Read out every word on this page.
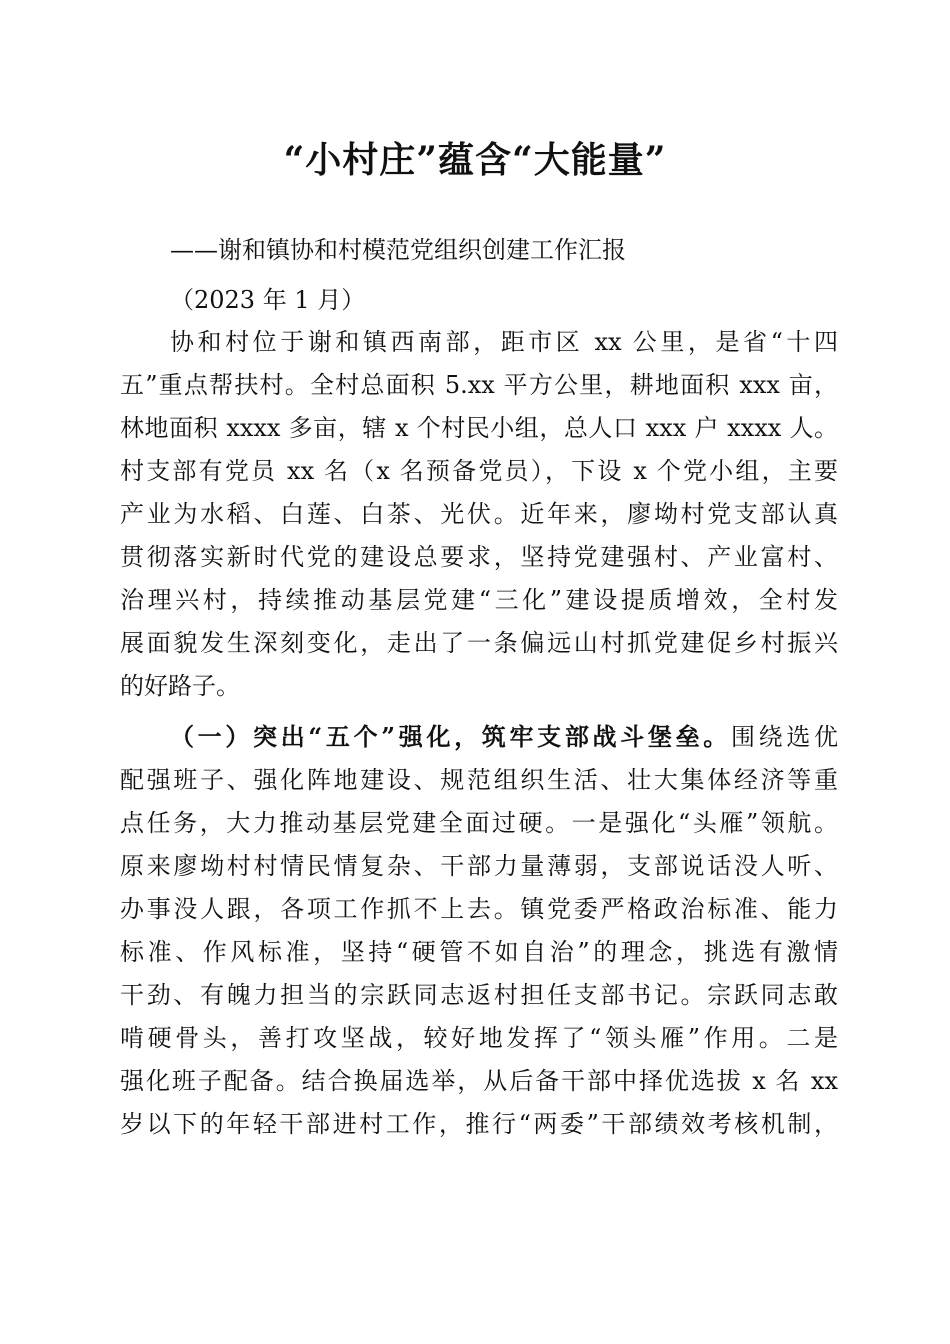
“小村庄”蕴含“大能量”
——谢和镇协和村模范党组织创建工作汇报
（2023 年 1 月）
协和村位于谢和镇西南部，距市区 xx 公里，是省“十四
五”重点帮扶村。全村总面积 5.xx 平方公里，耕地面积 xxx 亩，
林地面积 xxxx 多亩，辖 x 个村民小组，总人口 xxx 户 xxxx 人。
村支部有党员 xx 名（x 名预备党员），下设 x 个党小组，主要
产业为水稻、白莲、白茶、光伏。近年来，廖坳村党支部认真
贯彻落实新时代党的建设总要求，坚持党建强村、产业富村、
治理兴村，持续推动基层党建“三化”建设提质增效，全村发
展面貌发生深刻变化，走出了一条偏远山村抓党建促乡村振兴
的好路子。
（一）突出“五个”强化，筑牢支部战斗堡垒。围绕选优
配强班子、强化阵地建设、规范组织生活、壮大集体经济等重
点任务，大力推动基层党建全面过硬。一是强化“头雁”领航。
原来廖坳村村情民情复杂、干部力量薄弱，支部说话没人听、
办事没人跟，各项工作抓不上去。镇党委严格政治标准、能力
标准、作风标准，坚持“硬管不如自治”的理念，挑选有激情
干劲、有魄力担当的宗跃同志返村担任支部书记。宗跃同志敢
啃硬骨头，善打攻坚战，较好地发挥了“领头雁”作用。二是
强化班子配备。结合换届选举，从后备干部中择优选拔 x 名 xx
岁以下的年轻干部进村工作，推行“两委”干部绩效考核机制，
